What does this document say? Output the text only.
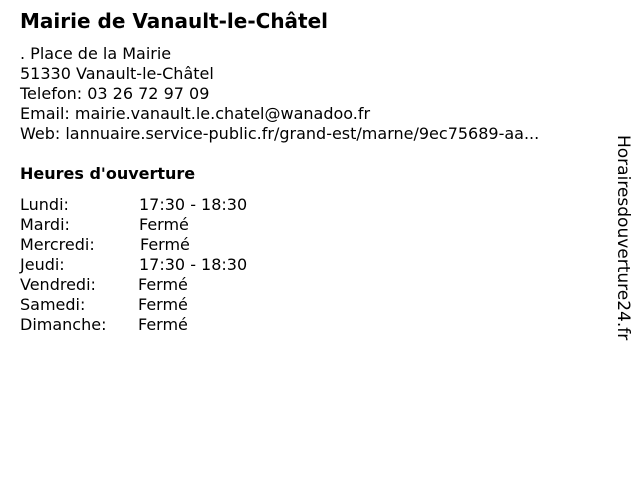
Mairie de Vanault-le-Châtel
. Place de la Mairie
51330 Vanault-le-Châtel
Telefon: 03 26 72 97 09
Email: mairie.vanault.le.chatel@wanadoo.fr
Web: lannuaire.service-public.fr/grand-est/marne/9ec75689-aa...
Heures d'ouverture
Lundi:	17:30 - 18:30
Mardi:	Fermé
Mercredi:	Fermé
Jeudi:	17:30 - 18:30
Vendredi:	Fermé
Samedi:	Fermé
Dimanche: Fermé	Horairesdouverture24.fr
